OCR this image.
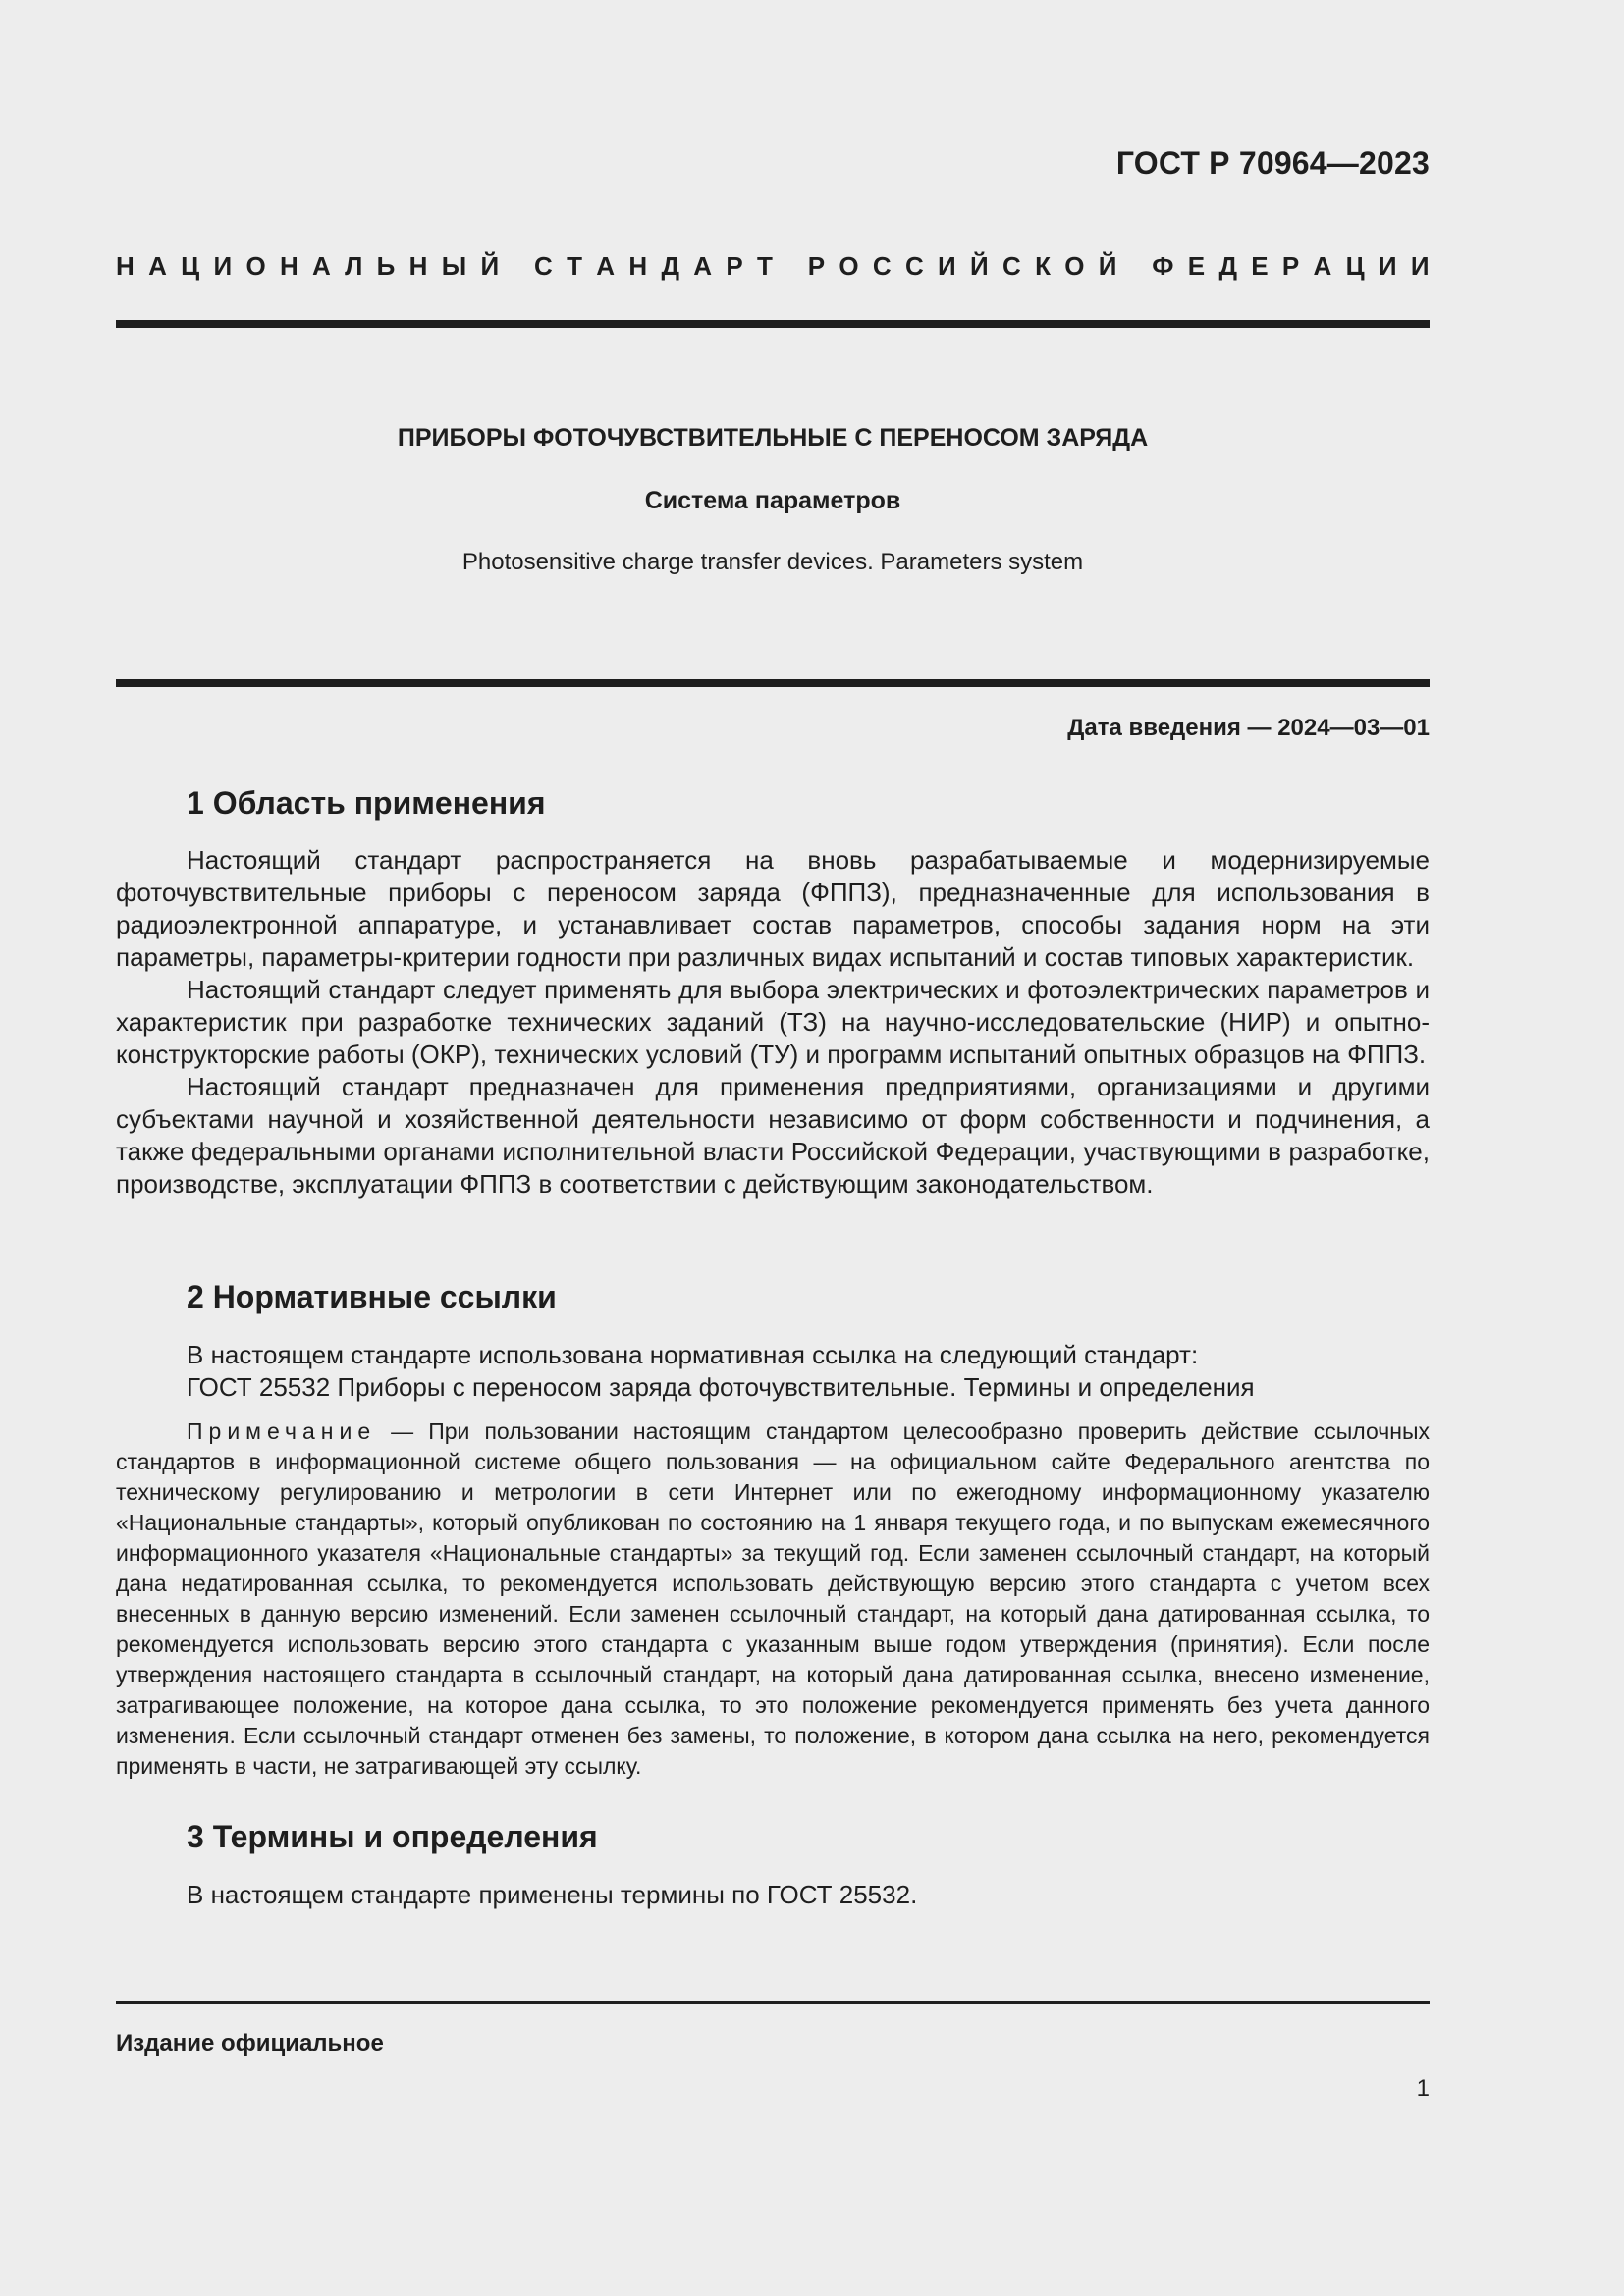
ГОСТ Р 70964—2023
Н А Ц И О Н А Л Ь Н Ы Й
С Т А Н Д А Р Т
Р О С С И Й С К О Й
Ф Е Д Е Р А Ц И И
ПРИБОРЫ ФОТОЧУВСТВИТЕЛЬНЫЕ С ПЕРЕНОСОМ ЗАРЯДА
Система параметров
Photosensitive charge transfer devices. Parameters system
Дата введения — 2024—03—01
1 Область применения

Настоящий стандарт распространяется на вновь разрабатываемые и модернизируемые фоточувствительные приборы с переносом заряда (ФППЗ), предназначенные для использования в радиоэлектронной аппаратуре, и устанавливает состав параметров, способы задания норм на эти параметры, параметры-критерии годности при различных видах испытаний и состав типовых характеристик.

Настоящий стандарт следует применять для выбора электрических и фотоэлектрических параметров и характеристик при разработке технических заданий (ТЗ) на научно-исследовательские (НИР) и опытно-конструкторские работы (ОКР), технических условий (ТУ) и программ испытаний опытных образцов на ФППЗ.

Настоящий стандарт предназначен для применения предприятиями, организациями и другими субъектами научной и хозяйственной деятельности независимо от форм собственности и подчинения, а также федеральными органами исполнительной власти Российской Федерации, участвующими в разработке, производстве, эксплуатации ФППЗ в соответствии с действующим законодательством.

2 Нормативные ссылки
В настоящем стандарте использована нормативная ссылка на следующий стандарт:
ГОСТ 25532 Приборы с переносом заряда фоточувствительные. Термины и определения
Примечание — При пользовании настоящим стандартом целесообразно проверить действие ссылочных стандартов в информационной системе общего пользования — на официальном сайте Федерального агентства по техническому регулированию и метрологии в сети Интернет или по ежегодному информационному указателю «Национальные стандарты», который опубликован по состоянию на 1 января текущего года, и по выпускам ежемесячного информационного указателя «Национальные стандарты» за текущий год. Если заменен ссылочный стандарт, на который дана недатированная ссылка, то рекомендуется использовать действующую версию этого стандарта с учетом всех внесенных в данную версию изменений. Если заменен ссылочный стандарт, на который дана датированная ссылка, то рекомендуется использовать версию этого стандарта с указанным выше годом утверждения (принятия). Если после утверждения настоящего стандарта в ссылочный стандарт, на который дана датированная ссылка, внесено изменение, затрагивающее положение, на которое дана ссылка, то это положение рекомендуется применять без учета данного изменения. Если ссылочный стандарт отменен без замены, то положение, в котором дана ссылка на него, рекомендуется применять в части, не затрагивающей эту ссылку.
3 Термины и определения
В настоящем стандарте применены термины по ГОСТ 25532.
Издание официальное
1
